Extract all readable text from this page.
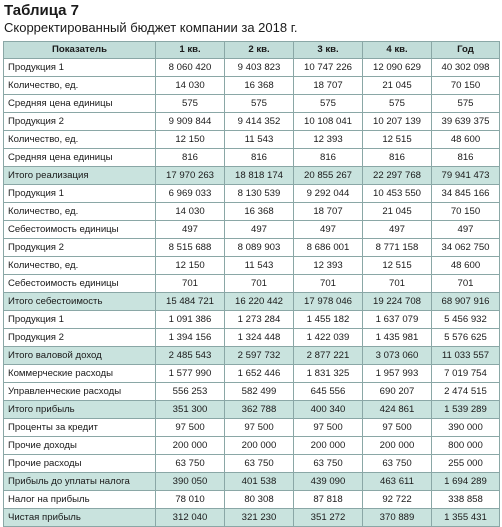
Таблица 7
Скорректированный бюджет компании за 2018 г.
Показатель	1 кв.	2 кв.	3 кв.	4 кв.	Год
Продукция 1	8 060 420	9 403 823	10 747 226	12 090 629	40 302 098
Количество, ед.	14 030	16 368	18 707	21 045	70 150
Средняя цена единицы	575	575	575	575	575
Продукция 2	9 909 844	9 414 352	10 108 041	10 207 139	39 639 375
Количество, ед.	12 150	11 543	12 393	12 515	48 600
Средняя цена единицы	816	816	816	816	816
Итого реализация	17 970 263	18 818 174	20 855 267	22 297 768	79 941 473
Продукция 1	6 969 033	8 130 539	9 292 044	10 453 550	34 845 166
Количество, ед.	14 030	16 368	18 707	21 045	70 150
Себестоимость единицы	497	497	497	497	497
Продукция 2	8 515 688	8 089 903	8 686 001	8 771 158	34 062 750
Количество, ед.	12 150	11 543	12 393	12 515	48 600
Себестоимость единицы	701	701	701	701	701
Итого себестоимость	15 484 721	16 220 442	17 978 046	19 224 708	68 907 916
Продукция 1	1 091 386	1 273 284	1 455 182	1 637 079	5 456 932
Продукция 2	1 394 156	1 324 448	1 422 039	1 435 981	5 576 625
Итого валовой доход	2 485 543	2 597 732	2 877 221	3 073 060	11 033 557
Коммерческие расходы	1 577 990	1 652 446	1 831 325	1 957 993	7 019 754
Управленческие расходы	556 253	582 499	645 556	690 207	2 474 515
Итого прибыль	351 300	362 788	400 340	424 861	1 539 289
Проценты за кредит	97 500	97 500	97 500	97 500	390 000
Прочие доходы	200 000	200 000	200 000	200 000	800 000
Прочие расходы	63 750	63 750	63 750	63 750	255 000
Прибыль до уплаты налога	390 050	401 538	439 090	463 611	1 694 289
Налог на прибыль	78 010	80 308	87 818	92 722	338 858
Чистая прибыль	312 040	321 230	351 272	370 889	1 355 431
